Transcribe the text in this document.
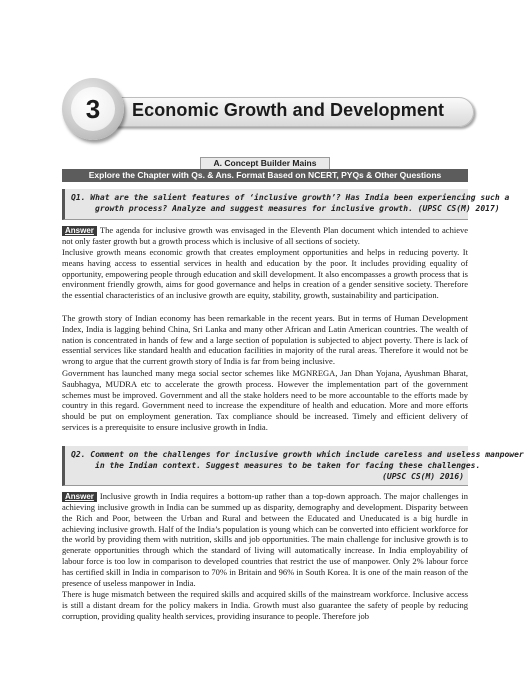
Economic Growth and Development
3
A. Concept Builder Mains
Explore the Chapter with Qs. & Ans. Format Based on NCERT, PYQs & Other Questions
Q1. What are the salient features of ‘inclusive growth’? Has India been experiencing such a
growth process? Analyze and suggest measures for inclusive growth. (UPSC CS(M) 2017)
Answer The agenda for inclusive growth was envisaged in the Eleventh Plan document which intended to achieve not only faster growth but a growth process which is inclusive of all sections of society.
Inclusive growth means economic growth that creates employment opportunities and helps in reducing poverty. It means having access to essential services in health and education by the poor. It includes providing equality of opportunity, empowering people through education and skill development. It also encompasses a growth process that is environment friendly growth, aims for good governance and helps in creation of a gender sensitive society. Therefore the essential characteristics of an inclusive growth are equity, stability, growth, sustainability and participation.
The growth story of Indian economy has been remarkable in the recent years. But in terms of Human Development Index, India is lagging behind China, Sri Lanka and many other African and Latin American countries. The wealth of nation is concentrated in hands of few and a large section of population is subjected to abject poverty. There is lack of essential services like standard health and education facilities in majority of the rural areas. Therefore it would not be wrong to argue that the current growth story of India is far from being inclusive.
Government has launched many mega social sector schemes like MGNREGA, Jan Dhan Yojana, Ayushman Bharat, Saubhagya, MUDRA etc to accelerate the growth process. However the implementation part of the government schemes must be improved. Government and all the stake holders need to be more accountable to the efforts made by country in this regard. Government need to increase the expenditure of health and education. More and more efforts should be put on employment generation. Tax compliance should be increased. Timely and efficient delivery of services is a prerequisite to ensure inclusive growth in India.
Q2. Comment on the challenges for inclusive growth which include careless and useless manpower
in the Indian context. Suggest measures to be taken for facing these challenges.
(UPSC CS(M) 2016)
Answer Inclusive growth in India requires a bottom-up rather than a top-down approach. The major challenges in achieving inclusive growth in India can be summed up as disparity, demography and development. Disparity between the Rich and Poor, between the Urban and Rural and between the Educated and Uneducated is a big hurdle in achieving inclusive growth. Half of the India’s population is young which can be converted into efficient workforce for the world by providing them with nutrition, skills and job opportunities. The main challenge for inclusive growth is to generate opportunities through which the standard of living will automatically increase. In India employability of labour force is too low in comparison to developed countries that restrict the use of manpower. Only 2% labour force has certified skill in India in comparison to 70% in Britain and 96% in South Korea. It is one of the main reason of the presence of useless manpower in India.
There is huge mismatch between the required skills and acquired skills of the mainstream workforce. Inclusive access is still a distant dream for the policy makers in India. Growth must also guarantee the safety of people by reducing corruption, providing quality health services, providing insurance to people. Therefore job
